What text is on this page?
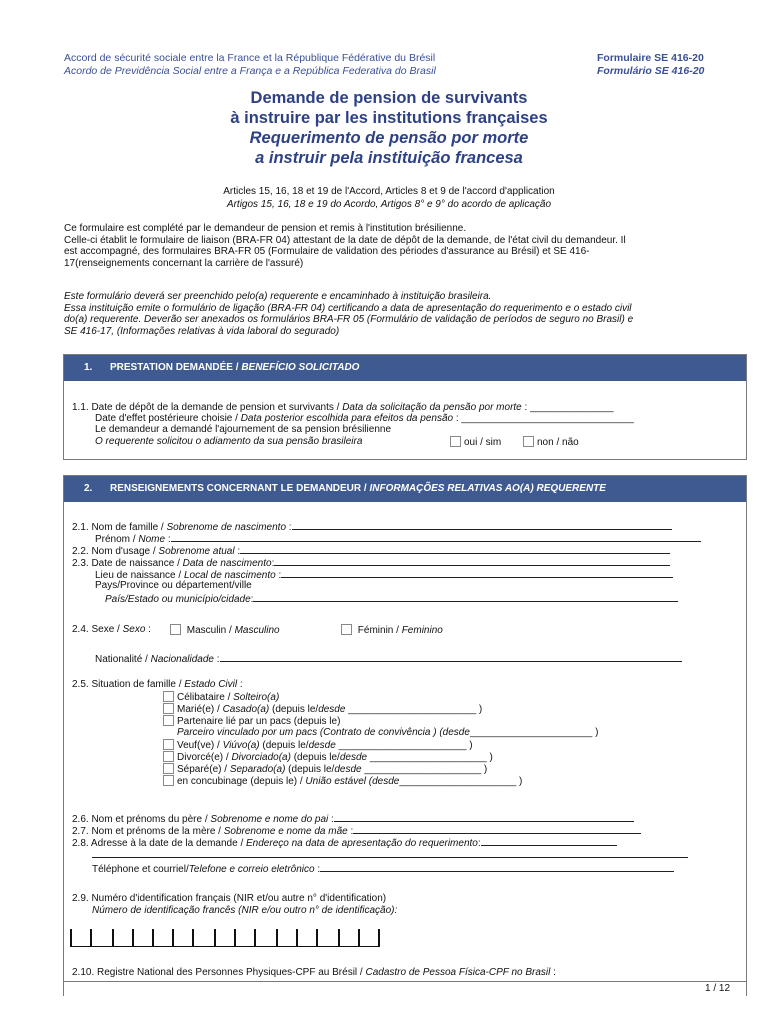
Accord de sécurité sociale entre la France et la République Fédérative du Brésil
Acordo de Previdência Social entre a França e a República Federativa do Brasil
Formulaire SE 416-20
Formulário SE 416-20
Demande de pension de survivants
à instruire par les institutions françaises
Requerimento de pensão por morte
a instruir pela instituição francesa
Articles 15, 16, 18 et 19 de l'Accord, Articles 8 et 9 de l'accord d'application
Artigos 15, 16, 18 e 19 do Acordo, Artigos 8° e 9° do acordo de aplicação
Ce formulaire est complété par le demandeur de pension et remis à l'institution brésilienne.
Celle-ci établit le formulaire de liaison (BRA-FR 04) attestant de la date de dépôt de la demande, de l'état civil du demandeur. Il
est accompagné, des formulaires BRA-FR 05 (Formulaire de validation des périodes d'assurance au Brésil) et SE 416-
17(renseignements concernant la carrière de l'assuré)
Este formulário deverá ser preenchido pelo(a) requerente e encaminhado à instituição brasileira.
Essa instituição emite o formulário de ligação (BRA-FR 04) certificando a data de apresentação do requerimento e o estado civil
do(a) requerente. Deverão ser anexados os formulários BRA-FR 05 (Formulário de validação de períodos de seguro no Brasil) e
SE 416-17, (Informações relativas à vida laboral do segurado)
1. PRESTATION DEMANDÉE / BENEFÍCIO SOLICITADO
1.1. Date de dépôt de la demande de pension et survivants / Data da solicitação da pensão por morte : _______________
Date d'effet postérieure choisie / Data posterior escolhida para efeitos da pensão : _______________________________
Le demandeur a demandé l'ajournement de sa pension brésilienne
O requerente solicitou o adiamento da sua pensão brasileira	oui / sim	non / não
2. RENSEIGNEMENTS CONCERNANT LE DEMANDEUR / INFORMAÇÕES RELATIVAS AO(A) REQUERENTE
2.1. Nom de famille / Sobrenome de nascimento :
Prénom / Nome :
2.2. Nom d'usage / Sobrenome atual :
2.3. Date de naissance / Data de nascimento:
Lieu de naissance / Local de nascimento :
Pays/Province ou département/ville
País/Estado ou município/cidade:
2.4. Sexe / Sexo :	Masculin / Masculino	Féminin / Feminino
Nationalité / Nacionalidade :
2.5. Situation de famille / Estado Civil :
Célibataire / Solteiro(a)
Marié(e) / Casado(a) (depuis le/desde _______________________ )
Partenaire lié par un pacs (depuis le)
Parceiro vinculado por um pacs (Contrato de convivência ) (desde______________________ )
Veuf(ve) / Viúvo(a) (depuis le/desde _______________________ )
Divorcé(e) / Divorciado(a) (depuis le/desde _____________________ )
Séparé(e) / Separado(a) (depuis le/desde _____________________ )
en concubinage (depuis le) / União estável (desde_____________________ )
2.6. Nom et prénoms du père / Sobrenome e nome do pai :
2.7. Nom et prénoms de la mère / Sobrenome e nome da mãe :
2.8. Adresse à la date de la demande / Endereço na data de apresentação do requerimento:
Téléphone et courriel/Telefone e correio eletrônico :
2.9. Numéro d'identification français (NIR et/ou autre n° d'identification)
Número de identificação francês (NIR e/ou outro n° de identificação):
2.10. Registre National des Personnes Physiques-CPF au Brésil / Cadastro de Pessoa Física-CPF no Brasil :
1 / 12
